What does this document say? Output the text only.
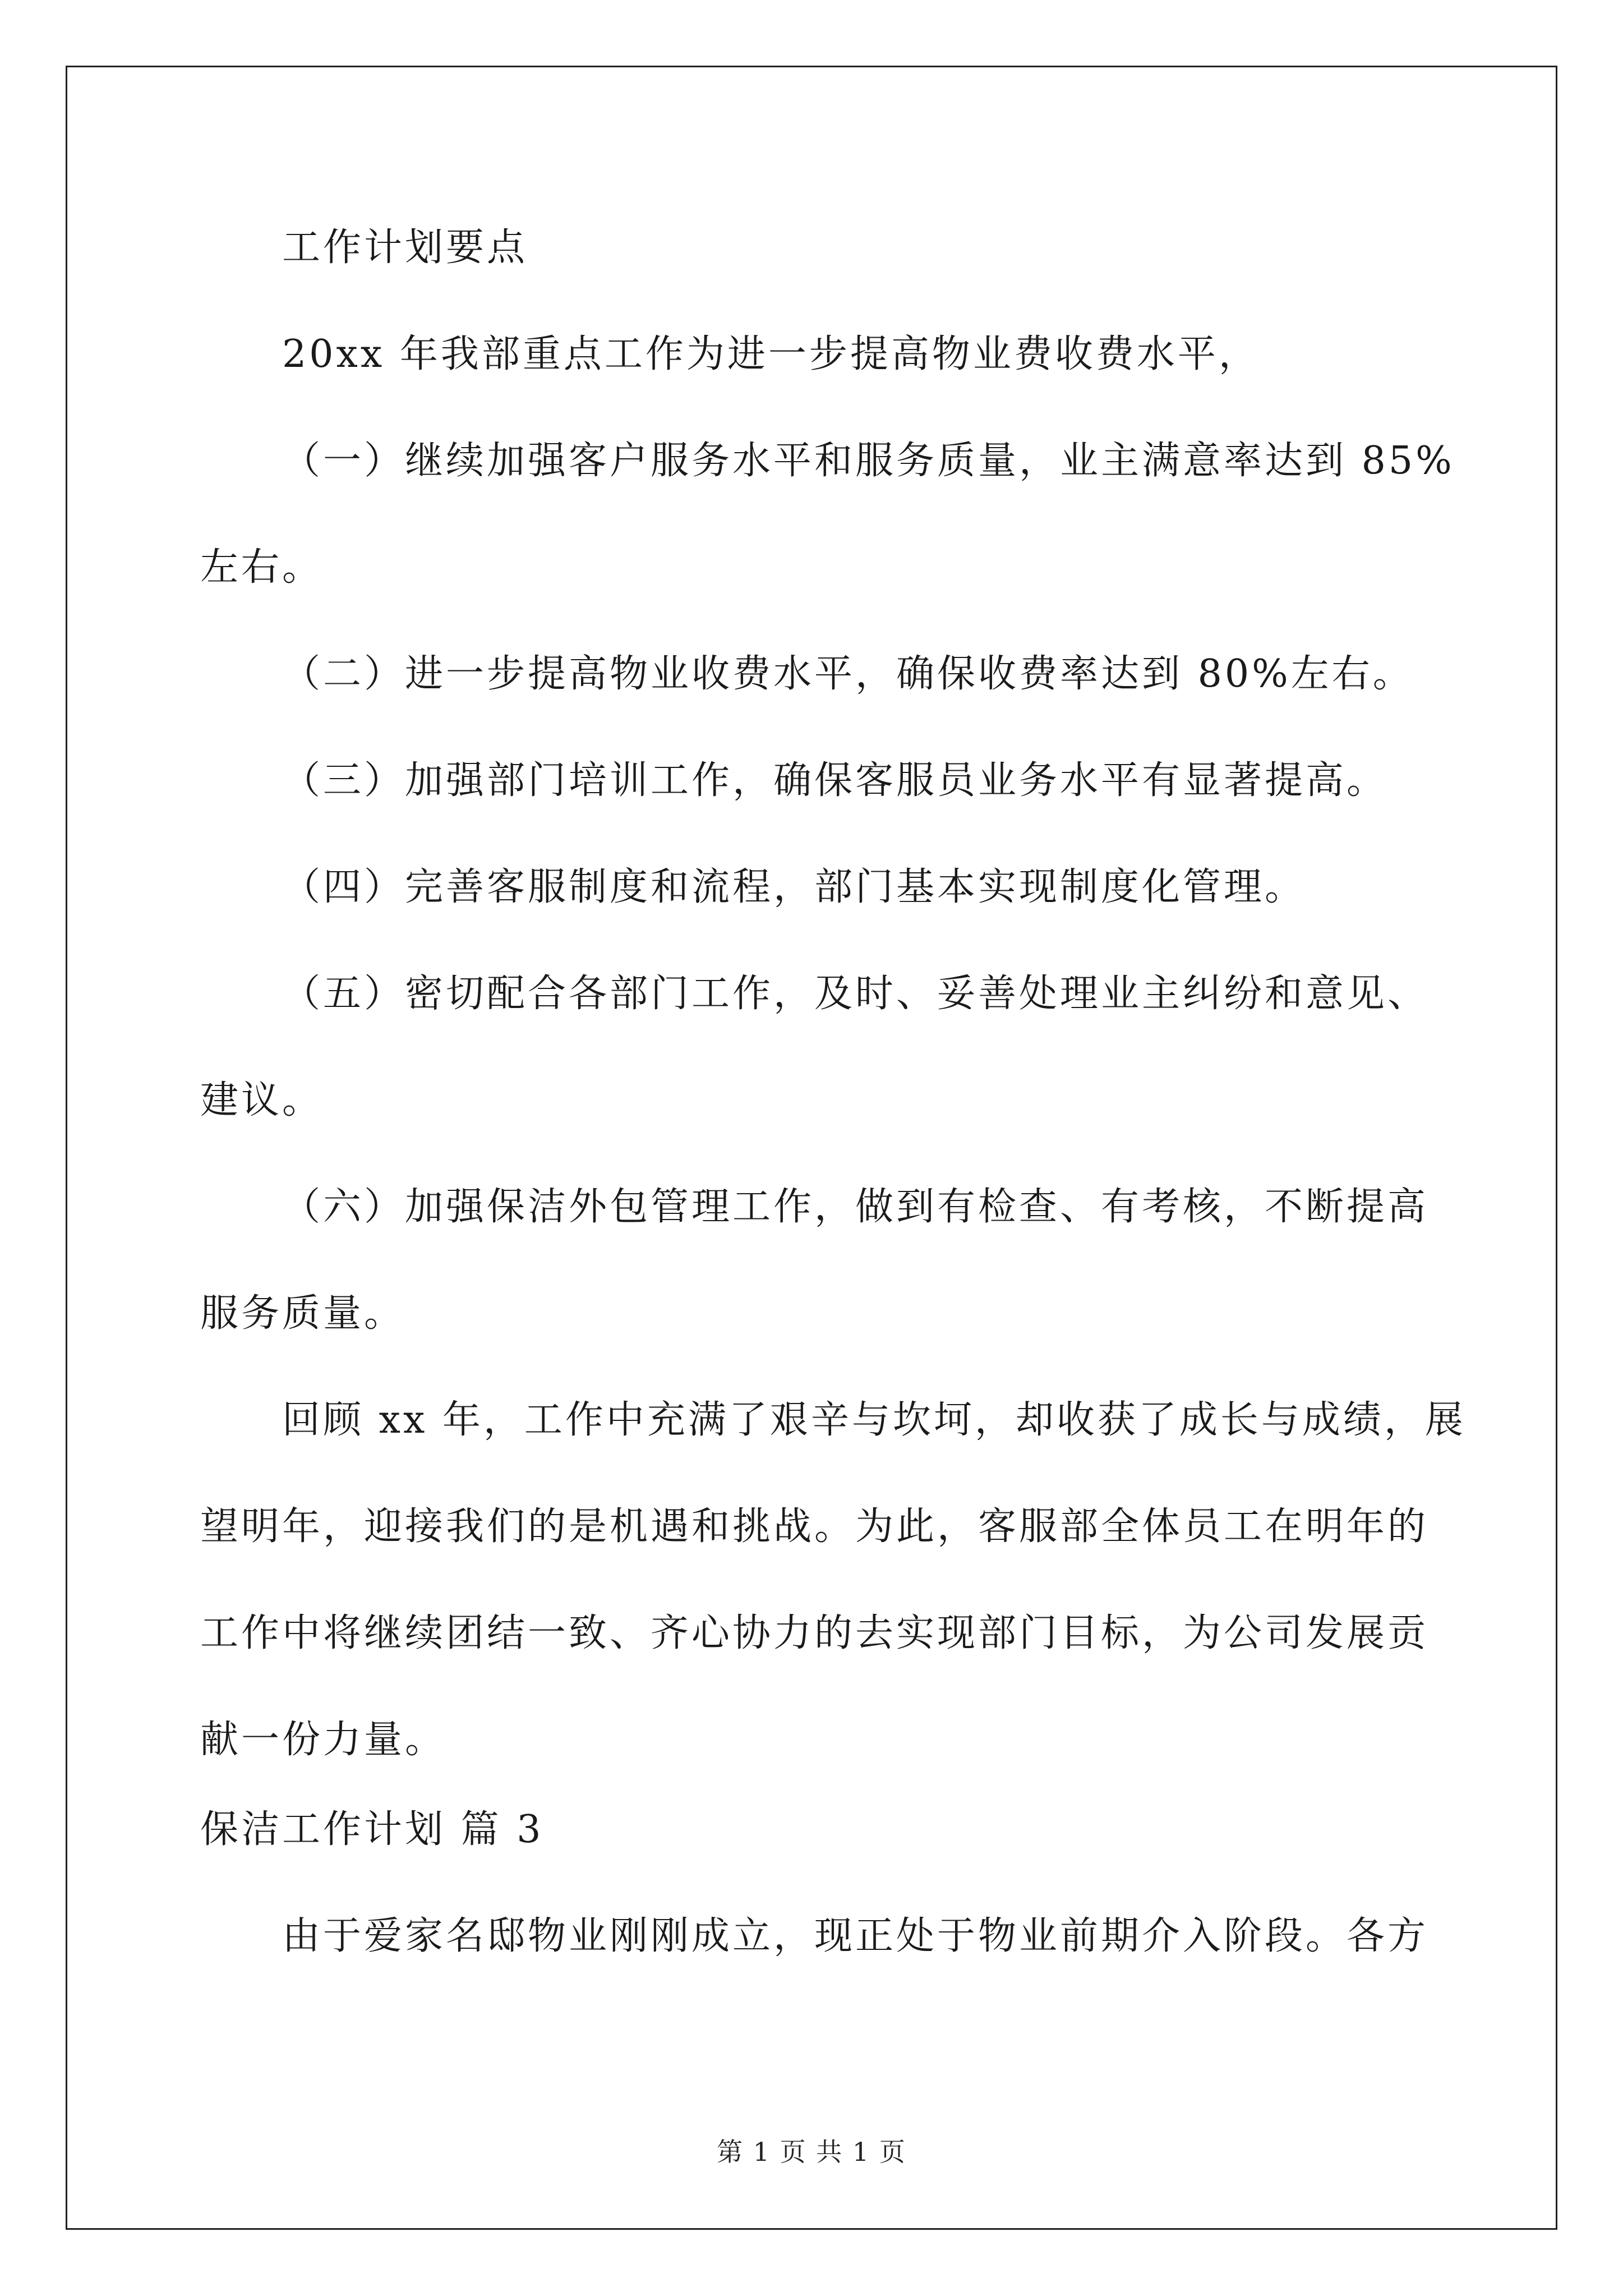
工作计划要点
20xx 年我部重点工作为进一步提高物业费收费水平，
（一）继续加强客户服务水平和服务质量，业主满意率达到 85%
左右。
（二）进一步提高物业收费水平，确保收费率达到 80%左右。
（三）加强部门培训工作，确保客服员业务水平有显著提高。
（四）完善客服制度和流程，部门基本实现制度化管理。
（五）密切配合各部门工作，及时、妥善处理业主纠纷和意见、
建议。
（六）加强保洁外包管理工作，做到有检查、有考核，不断提高
服务质量。
回顾 xx 年，工作中充满了艰辛与坎坷，却收获了成长与成绩，展
望明年，迎接我们的是机遇和挑战。为此，客服部全体员工在明年的
工作中将继续团结一致、齐心协力的去实现部门目标，为公司发展贡
献一份力量。
保洁工作计划 篇 3
由于爱家名邸物业刚刚成立，现正处于物业前期介入阶段。各方
第 1 页 共 1 页
